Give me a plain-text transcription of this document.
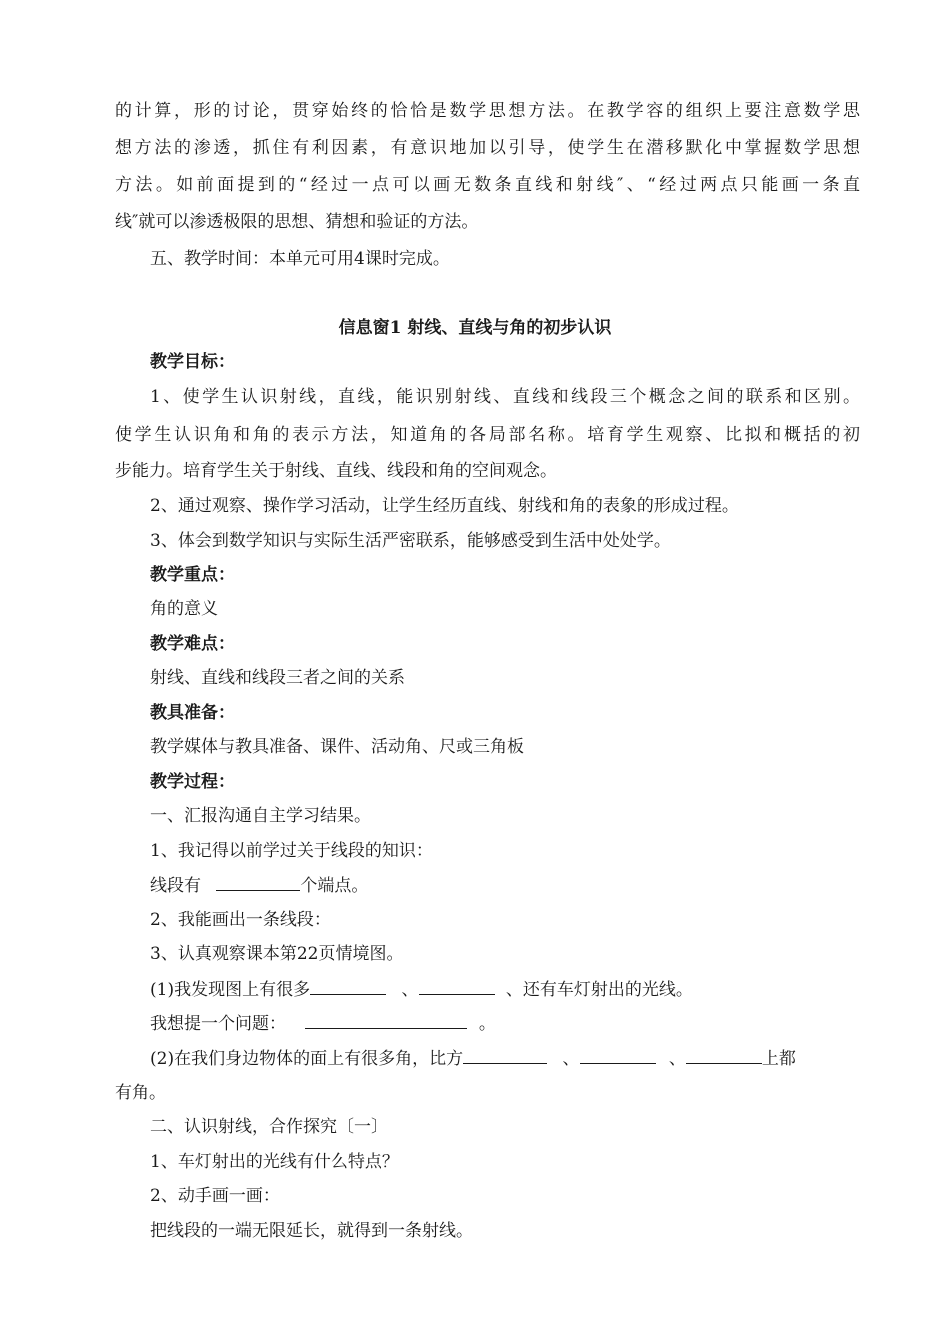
的计算，形的讨论，贯穿始终的恰恰是数学思想方法。在教学容的组织上要注意数学思
想方法的渗透，抓住有利因素，有意识地加以引导，使学生在潜移默化中掌握数学思想
方法。如前面提到的“经过一点可以画无数条直线和射线″、“经过两点只能画一条直
线″就可以渗透极限的思想、猜想和验证的方法。
五、教学时间：本单元可用4课时完成。
信息窗1 射线、直线与角的初步认识
教学目标：
1、使学生认识射线，直线，能识别射线、直线和线段三个概念之间的联系和区别。
使学生认识角和角的表示方法，知道角的各局部名称。培育学生观察、比拟和概括的初
步能力。培育学生关于射线、直线、线段和角的空间观念。
2、通过观察、操作学习活动，让学生经历直线、射线和角的表象的形成过程。
3、体会到数学知识与实际生活严密联系，能够感受到生活中处处学。
教学重点：
角的意义
教学难点：
射线、直线和线段三者之间的关系
教具准备：
教学媒体与教具准备、课件、活动角、尺或三角板
教学过程：
一、汇报沟通自主学习结果。
1、我记得以前学过关于线段的知识：
线段有	个端点。
2、我能画出一条线段：
3、认真观察课本第22页情境图。
(1)我发现图上有很多	、	、还有车灯射出的光线。
我想提一个问题：	。
(2)在我们身边物体的面上有很多角，比方	、	、	上都
有角。
二、认识射线，合作探究〔一〕
1、车灯射出的光线有什么特点？
2、动手画一画：
把线段的一端无限延长，就得到一条射线。
